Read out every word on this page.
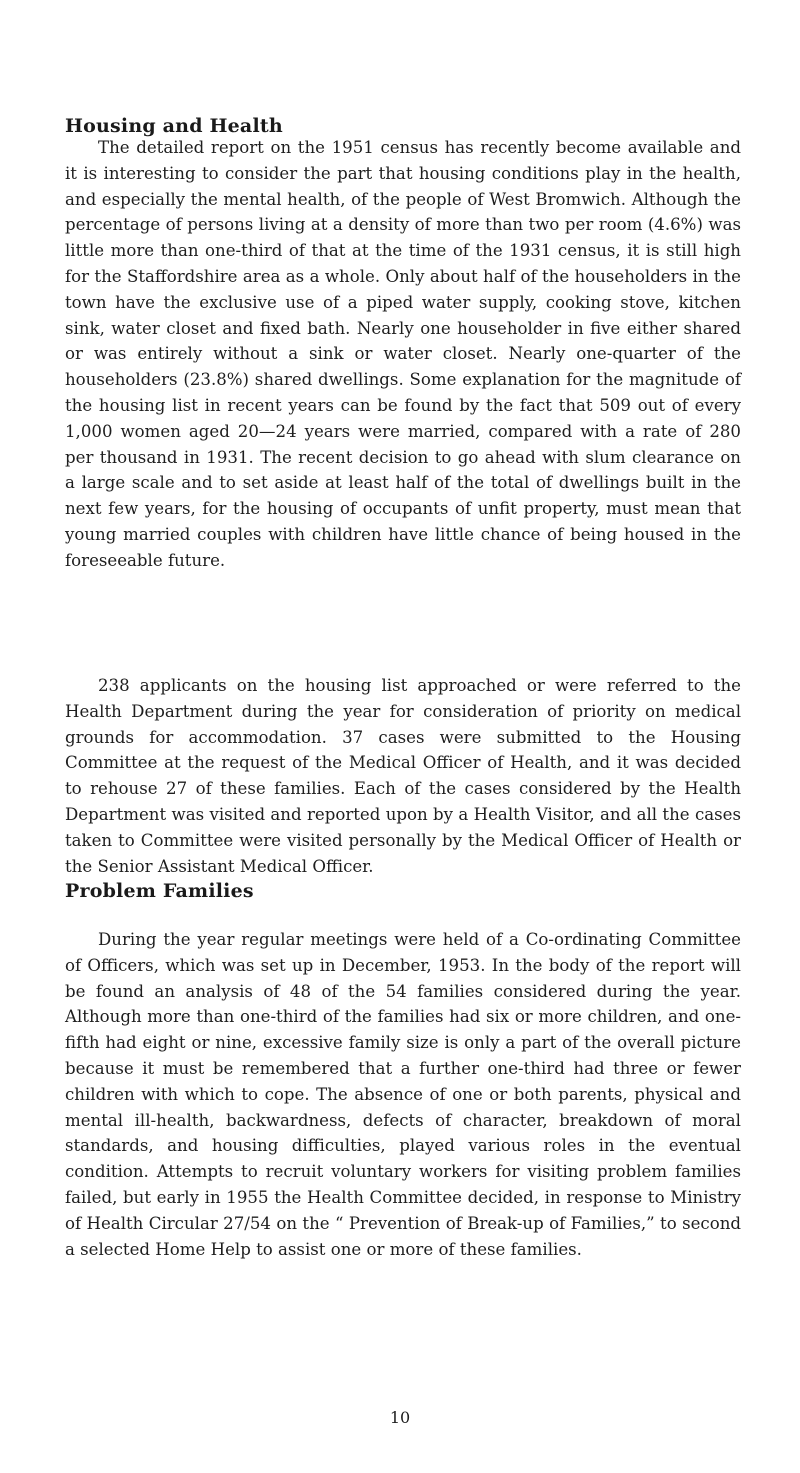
Housing and Health

The detailed report on the 1951 census has recently become available and it is interesting to consider the part that housing conditions play in the health, and especially the mental health, of the people of West Bromwich. Although the percentage of persons living at a density of more than two per room (4.6%) was little more than one-third of that at the time of the 1931 census, it is still high for the Staffordshire area as a whole. Only about half of the householders in the town have the exclusive use of a piped water supply, cooking stove, kitchen sink, water closet and fixed bath. Nearly one householder in five either shared or was entirely without a sink or water closet. Nearly one-quarter of the householders (23.8%) shared dwellings. Some explanation for the magnitude of the housing list in recent years can be found by the fact that 509 out of every 1,000 women aged 20—24 years were married, compared with a rate of 280 per thousand in 1931. The recent decision to go ahead with slum clearance on a large scale and to set aside at least half of the total of dwellings built in the next few years, for the housing of occupants of unfit property, must mean that young married couples with children have little chance of being housed in the foreseeable future.

238 applicants on the housing list approached or were referred to the Health Department during the year for consideration of priority on medical grounds for accommodation. 37 cases were submitted to the Housing Committee at the request of the Medical Officer of Health, and it was decided to rehouse 27 of these families. Each of the cases considered by the Health Department was visited and reported upon by a Health Visitor, and all the cases taken to Committee were visited personally by the Medical Officer of Health or the Senior Assistant Medical Officer.

Problem Families

During the year regular meetings were held of a Co-ordinating Committee of Officers, which was set up in December, 1953. In the body of the report will be found an analysis of 48 of the 54 families considered during the year. Although more than one-third of the families had six or more children, and one-fifth had eight or nine, excessive family size is only a part of the overall picture because it must be remembered that a further one-third had three or fewer children with which to cope. The absence of one or both parents, physical and mental ill-health, backwardness, defects of character, breakdown of moral standards, and housing difficulties, played various roles in the eventual condition. Attempts to recruit voluntary workers for visiting problem families failed, but early in 1955 the Health Committee decided, in response to Ministry of Health Circular 27/54 on the “ Prevention of Break-up of Families,” to second a selected Home Help to assist one or more of these families.

10
